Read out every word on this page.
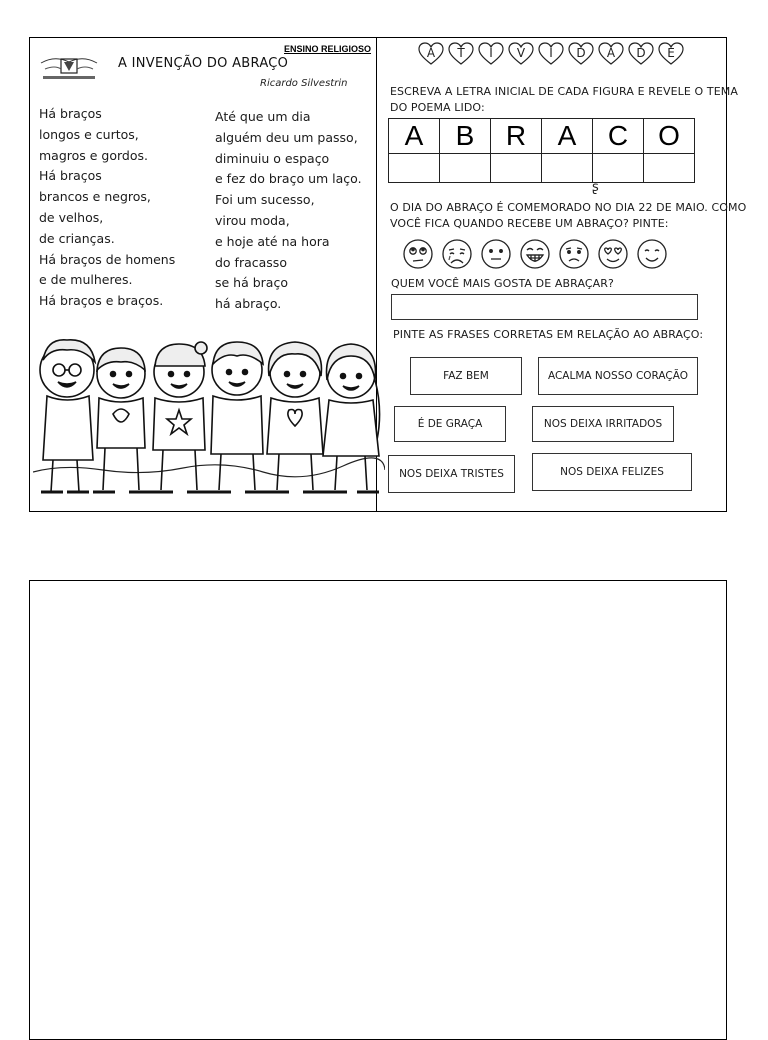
A INVENÇÃO DO ABRAÇO
ENSINO RELIGIOSO
Ricardo Silvestrin
Há braços
longos e curtos,
magros e gordos.
Há braços
brancos e negros,
de velhos,
de crianças.
Há braços de homens
e de mulheres.
Há braços e braços.
Até que um dia
alguém deu um passo,
diminuiu o espaço
e fez do braço um laço.
Foi um sucesso,
virou moda,
e hoje até na hora
do fracasso
se há braço
há abraço.
A	T	I	V	I	D	A	D	E
ESCREVA A LETRA INICIAL DE CADA FIGURA E REVELE O TEMA
DO POEMA LIDO:
A	B	R	A	C	O

ʂ
O DIA DO ABRAÇO É COMEMORADO NO DIA 22 DE MAIO. COMO
VOCÊ FICA QUANDO RECEBE UM ABRAÇO? PINTE:
QUEM VOCÊ MAIS GOSTA DE ABRAÇAR?
PINTE AS FRASES CORRETAS EM RELAÇÃO AO ABRAÇO:
FAZ BEM	ACALMA NOSSO CORAÇÃO
É DE GRAÇA	NOS DEIXA IRRITADOS
NOS DEIXA TRISTES	NOS DEIXA FELIZES
